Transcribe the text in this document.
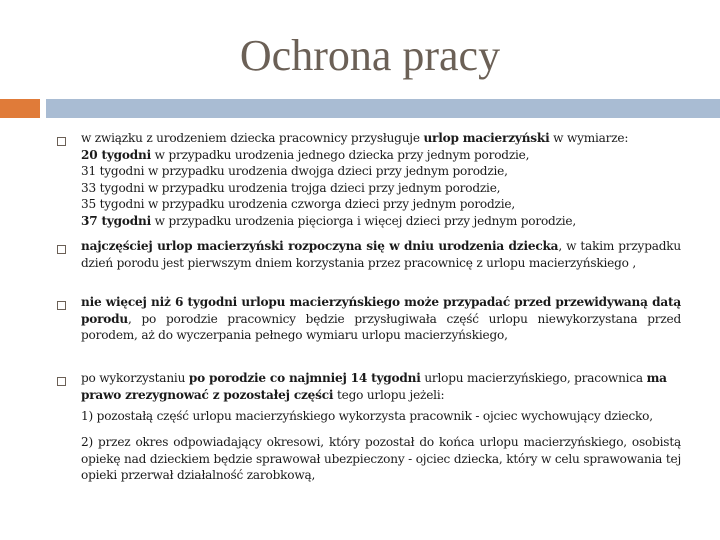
Ochrona pracy
w związku z urodzeniem dziecka pracownicy przysługuje urlop macierzyński w wymiarze:
20 tygodni w przypadku urodzenia jednego dziecka przy jednym porodzie,
31 tygodni w przypadku urodzenia dwojga dzieci przy jednym porodzie,
33 tygodni w przypadku urodzenia trojga dzieci przy jednym porodzie,
35 tygodni w przypadku urodzenia czworga dzieci przy jednym porodzie,
37 tygodni w przypadku urodzenia pięciorga i więcej dzieci przy jednym porodzie,
najczęściej urlop macierzyński rozpoczyna się w dniu urodzenia dziecka, w takim przypadku dzień porodu jest pierwszym dniem korzystania przez pracownicę z urlopu macierzyńskiego ,
nie więcej niż 6 tygodni urlopu macierzyńskiego może przypadać przed przewidywaną datą porodu, po porodzie pracownicy będzie przysługiwała część urlopu niewykorzystana przed porodem, aż do wyczerpania pełnego wymiaru urlopu macierzyńskiego,
po wykorzystaniu po porodzie co najmniej 14 tygodni urlopu macierzyńskiego, pracownica ma prawo zrezygnować z pozostałej części tego urlopu jeżeli:
1) pozostałą część urlopu macierzyńskiego wykorzysta pracownik - ojciec wychowujący dziecko,
2) przez okres odpowiadający okresowi, który pozostał do końca urlopu macierzyńskiego, osobistą opiekę nad dzieckiem będzie sprawował ubezpieczony - ojciec dziecka, który w celu sprawowania tej opieki przerwał działalność zarobkową,
